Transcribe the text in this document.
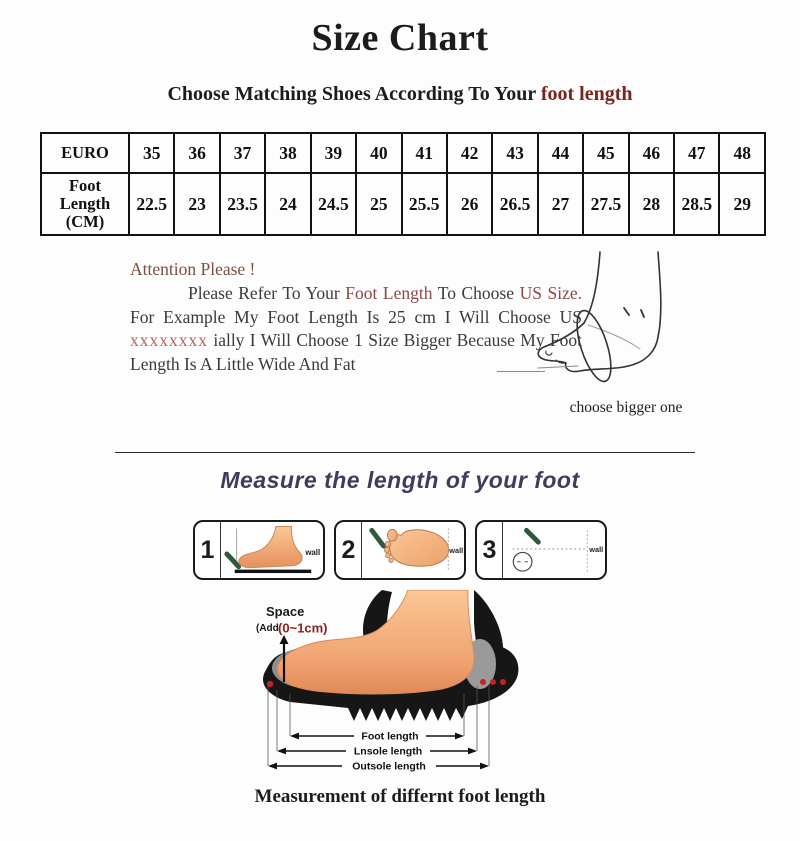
Size Chart
Choose Matching Shoes According To Your foot length
EURO	35	36	37	38	39	40	41	42	43	44	45	46	47	48
Foot Length (CM)	22.5	23	23.5	24	24.5	25	25.5	26	26.5	27	27.5	28	28.5	29
Attention Please !

Please Refer To Your Foot Length To Choose US Size. For Example My Foot Length Is 25 cm I Will Choose US xxxxxxxx ially I Will Choose 1 Size Bigger Because My Foot Length Is A Little Wide And Fat

choose bigger one
Measure the length of your foot
1	wall 2	wall 3	wall
Space
(Add (0~1cm)
Foot length
Lnsole length
Outsole length
Measurement of differnt foot length
